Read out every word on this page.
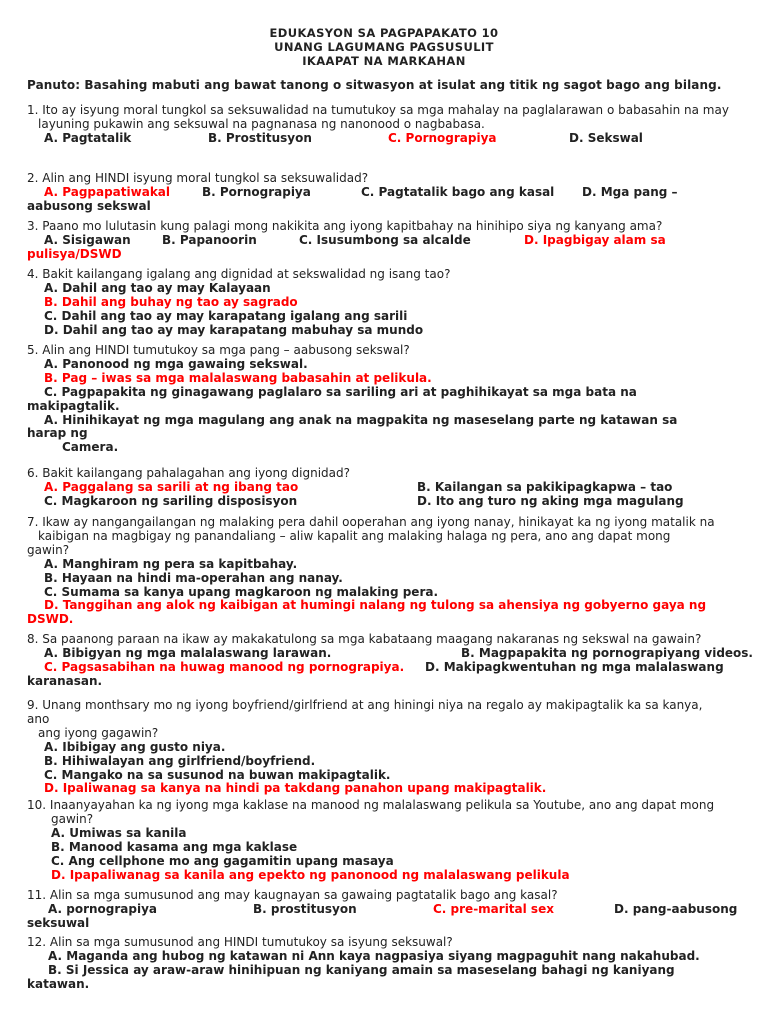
EDUKASYON SA PAGPAPAKATO 10
UNANG LAGUMANG PAGSUSULIT
IKAAPAT NA MARKAHAN
Panuto: Basahing mabuti ang bawat tanong o sitwasyon at isulat ang titik ng sagot bago ang bilang.
1. Ito ay isyung moral tungkol sa seksuwalidad na tumutukoy sa mga mahalay na paglalarawan o babasahin na may
layuning pukawin ang seksuwal na pagnanasa ng nanonood o nagbabasa.
A. Pagtatalik	B. Prostitusyon	C. Pornograpiya	D. Sekswal
2. Alin ang HINDI isyung moral tungkol sa seksuwalidad?
A. Pagpapatiwakal	B. Pornograpiya	C. Pagtatalik bago ang kasal D. Mga pang –
aabusong sekswal
3. Paano mo lulutasin kung palagi mong nakikita ang iyong kapitbahay na hinihipo siya ng kanyang ama?
A. Sisigawan	B. Papanoorin	C. Isusumbong sa alcalde	D. Ipagbigay alam sa
pulisya/DSWD
4. Bakit kailangang igalang ang dignidad at sekswalidad ng isang tao?
A. Dahil ang tao ay may Kalayaan
B. Dahil ang buhay ng tao ay sagrado
C. Dahil ang tao ay may karapatang igalang ang sarili
D. Dahil ang tao ay may karapatang mabuhay sa mundo
5. Alin ang HINDI tumutukoy sa mga pang – aabusong sekswal?
A. Panonood ng mga gawaing sekswal.
B. Pag – iwas sa mga malalaswang babasahin at pelikula.
C. Pagpapakita ng ginagawang paglalaro sa sariling ari at paghihikayat sa mga bata na
makipagtalik.
A. Hinihikayat ng mga magulang ang anak na magpakita ng maseselang parte ng katawan sa
harap ng
Camera.
6. Bakit kailangang pahalagahan ang iyong dignidad?
A. Paggalang sa sarili at ng ibang tao	B. Kailangan sa pakikipagkapwa – tao
C. Magkaroon ng sariling disposisyon	D. Ito ang turo ng aking mga magulang
7. Ikaw ay nangangailangan ng malaking pera dahil ooperahan ang iyong nanay, hinikayat ka ng iyong matalik na
kaibigan na magbigay ng panandaliang – aliw kapalit ang malaking halaga ng pera, ano ang dapat mong
gawin?
A. Manghiram ng pera sa kapitbahay.
B. Hayaan na hindi ma-operahan ang nanay.
C. Sumama sa kanya upang magkaroon ng malaking pera.
D. Tanggihan ang alok ng kaibigan at humingi nalang ng tulong sa ahensiya ng gobyerno gaya ng
DSWD.
8. Sa paanong paraan na ikaw ay makakatulong sa mga kabataang maagang nakaranas ng sekswal na gawain?
A. Bibigyan ng mga malalaswang larawan.	B. Magpapakita ng pornograpiyang videos.
C. Pagsasabihan na huwag manood ng pornograpiya. D. Makipagkwentuhan ng mga malalaswang
karanasan.
9. Unang monthsary mo ng iyong boyfriend/girlfriend at ang hiningi niya na regalo ay makipagtalik ka sa kanya,
ano
ang iyong gagawin?
A. Ibibigay ang gusto niya.
B. Hihiwalayan ang girlfriend/boyfriend.
C. Mangako na sa susunod na buwan makipagtalik.
D. Ipaliwanag sa kanya na hindi pa takdang panahon upang makipagtalik.
10. Inaanyayahan ka ng iyong mga kaklase na manood ng malalaswang pelikula sa Youtube, ano ang dapat mong
gawin?
A. Umiwas sa kanila
B. Manood kasama ang mga kaklase
C. Ang cellphone mo ang gagamitin upang masaya
D. Ipapaliwanag sa kanila ang epekto ng panonood ng malalaswang pelikula
11. Alin sa mga sumusunod ang may kaugnayan sa gawaing pagtatalik bago ang kasal?
A. pornograpiya	B. prostitusyon	C. pre-marital sex	D. pang-aabusong
seksuwal
12. Alin sa mga sumusunod ang HINDI tumutukoy sa isyung seksuwal?
A. Maganda ang hubog ng katawan ni Ann kaya nagpasiya siyang magpaguhit nang nakahubad.
B. Si Jessica ay araw-araw hinihipuan ng kaniyang amain sa maseselang bahagi ng kaniyang
katawan.
